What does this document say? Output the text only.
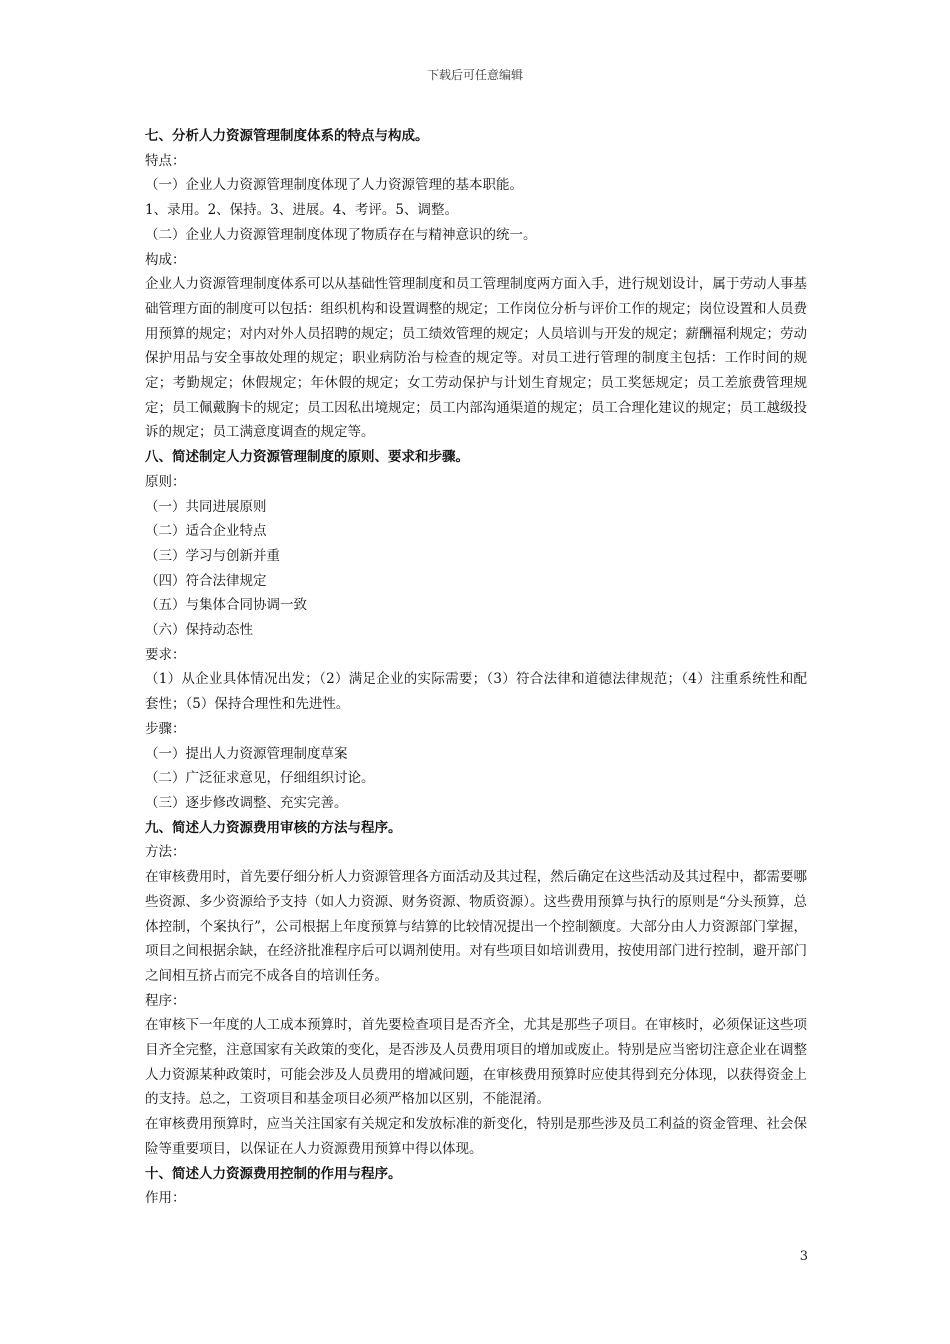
下载后可任意编辑
七、分析人力资源管理制度体系的特点与构成。
特点：
（一）企业人力资源管理制度体现了人力资源管理的基本职能。
1、录用。2、保持。3、进展。4、考评。5、调整。
（二）企业人力资源管理制度体现了物质存在与精神意识的统一。
构成：
企业人力资源管理制度体系可以从基础性管理制度和员工管理制度两方面入手，进行规划设计，属于劳动人事基础管理方面的制度可以包括：组织机构和设置调整的规定；工作岗位分析与评价工作的规定；岗位设置和人员费用预算的规定；对内对外人员招聘的规定；员工绩效管理的规定；人员培训与开发的规定；薪酬福利规定；劳动保护用品与安全事故处理的规定；职业病防治与检查的规定等。对员工进行管理的制度主包括：工作时间的规定；考勤规定；休假规定；年休假的规定；女工劳动保护与计划生育规定；员工奖惩规定；员工差旅费管理规定；员工佩戴胸卡的规定；员工因私出境规定；员工内部沟通渠道的规定；员工合理化建议的规定；员工越级投诉的规定；员工满意度调查的规定等。
八、简述制定人力资源管理制度的原则、要求和步骤。
原则：
（一）共同进展原则
（二）适合企业特点
（三）学习与创新并重
（四）符合法律规定
（五）与集体合同协调一致
（六）保持动态性
要求：
（1）从企业具体情况出发；（2）满足企业的实际需要；（3）符合法律和道德法律规范；（4）注重系统性和配套性；（5）保持合理性和先进性。
步骤：
（一）提出人力资源管理制度草案
（二）广泛征求意见，仔细组织讨论。
（三）逐步修改调整、充实完善。
九、简述人力资源费用审核的方法与程序。
方法：
在审核费用时，首先要仔细分析人力资源管理各方面活动及其过程，然后确定在这些活动及其过程中，都需要哪些资源、多少资源给予支持（如人力资源、财务资源、物质资源）。这些费用预算与执行的原则是“分头预算，总体控制，个案执行”，公司根据上年度预算与结算的比较情况提出一个控制额度。大部分由人力资源部门掌握，项目之间根据余缺，在经济批准程序后可以调剂使用。对有些项目如培训费用，按使用部门进行控制，避开部门之间相互挤占而完不成各自的培训任务。
程序：
在审核下一年度的人工成本预算时，首先要检查项目是否齐全，尤其是那些子项目。在审核时，必须保证这些项目齐全完整，注意国家有关政策的变化，是否涉及人员费用项目的增加或废止。特别是应当密切注意企业在调整人力资源某种政策时，可能会涉及人员费用的增减问题，在审核费用预算时应使其得到充分体现，以获得资金上的支持。总之，工资项目和基金项目必须严格加以区别，不能混淆。
在审核费用预算时，应当关注国家有关规定和发放标准的新变化，特别是那些涉及员工利益的资金管理、社会保险等重要项目，以保证在人力资源费用预算中得以体现。
十、简述人力资源费用控制的作用与程序。
作用：
3
